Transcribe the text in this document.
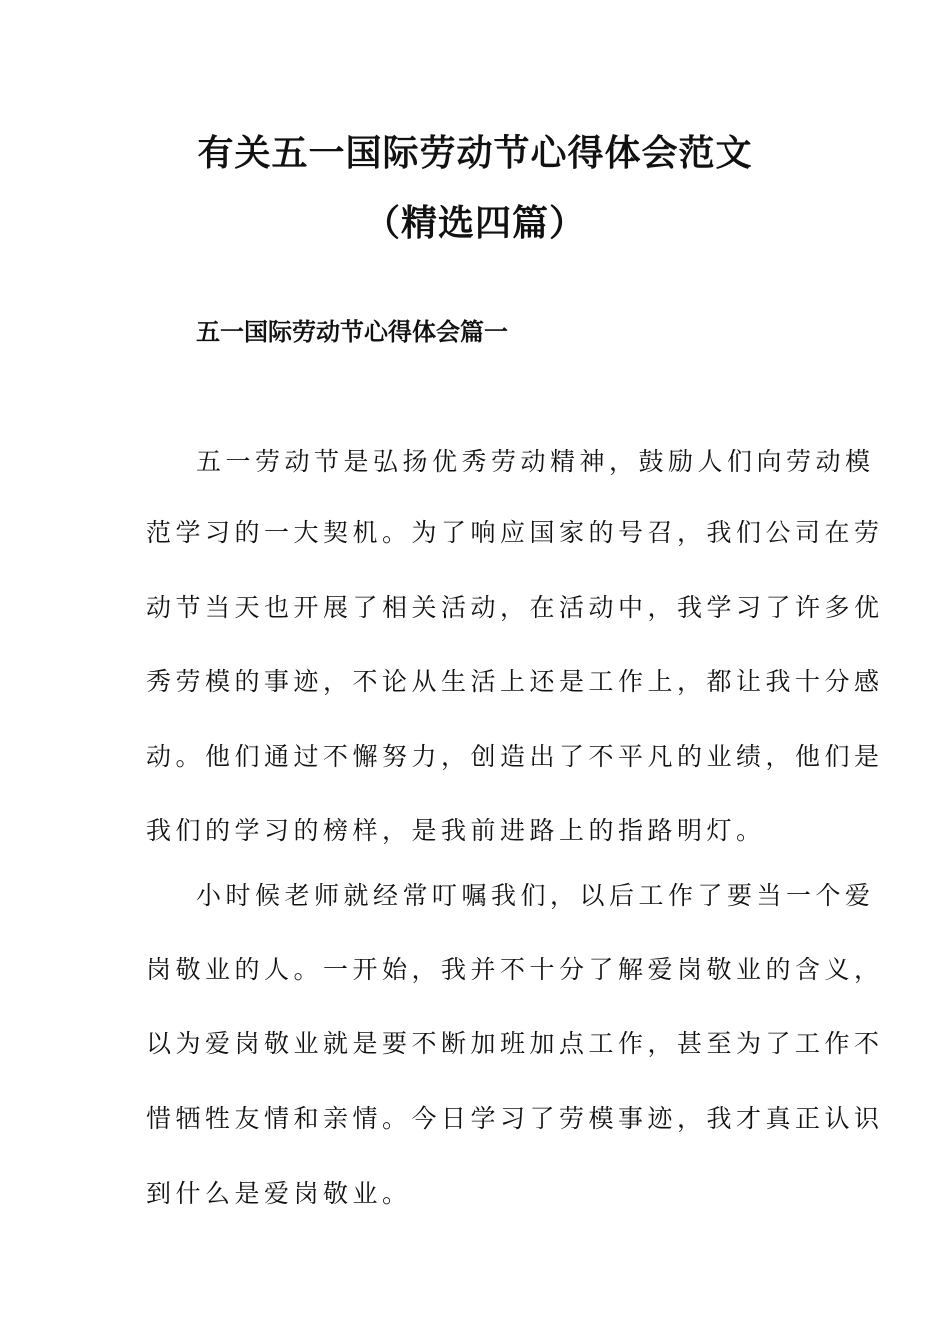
有关五一国际劳动节心得体会范文
（精选四篇）
五一国际劳动节心得体会篇一
五一劳动节是弘扬优秀劳动精神，鼓励人们向劳动模
范学习的一大契机。为了响应国家的号召，我们公司在劳
动节当天也开展了相关活动，在活动中，我学习了许多优
秀劳模的事迹，不论从生活上还是工作上，都让我十分感
动。他们通过不懈努力，创造出了不平凡的业绩，他们是
我们的学习的榜样，是我前进路上的指路明灯。
小时候老师就经常叮嘱我们，以后工作了要当一个爱
岗敬业的人。一开始，我并不十分了解爱岗敬业的含义，
以为爱岗敬业就是要不断加班加点工作，甚至为了工作不
惜牺牲友情和亲情。今日学习了劳模事迹，我才真正认识
到什么是爱岗敬业。
